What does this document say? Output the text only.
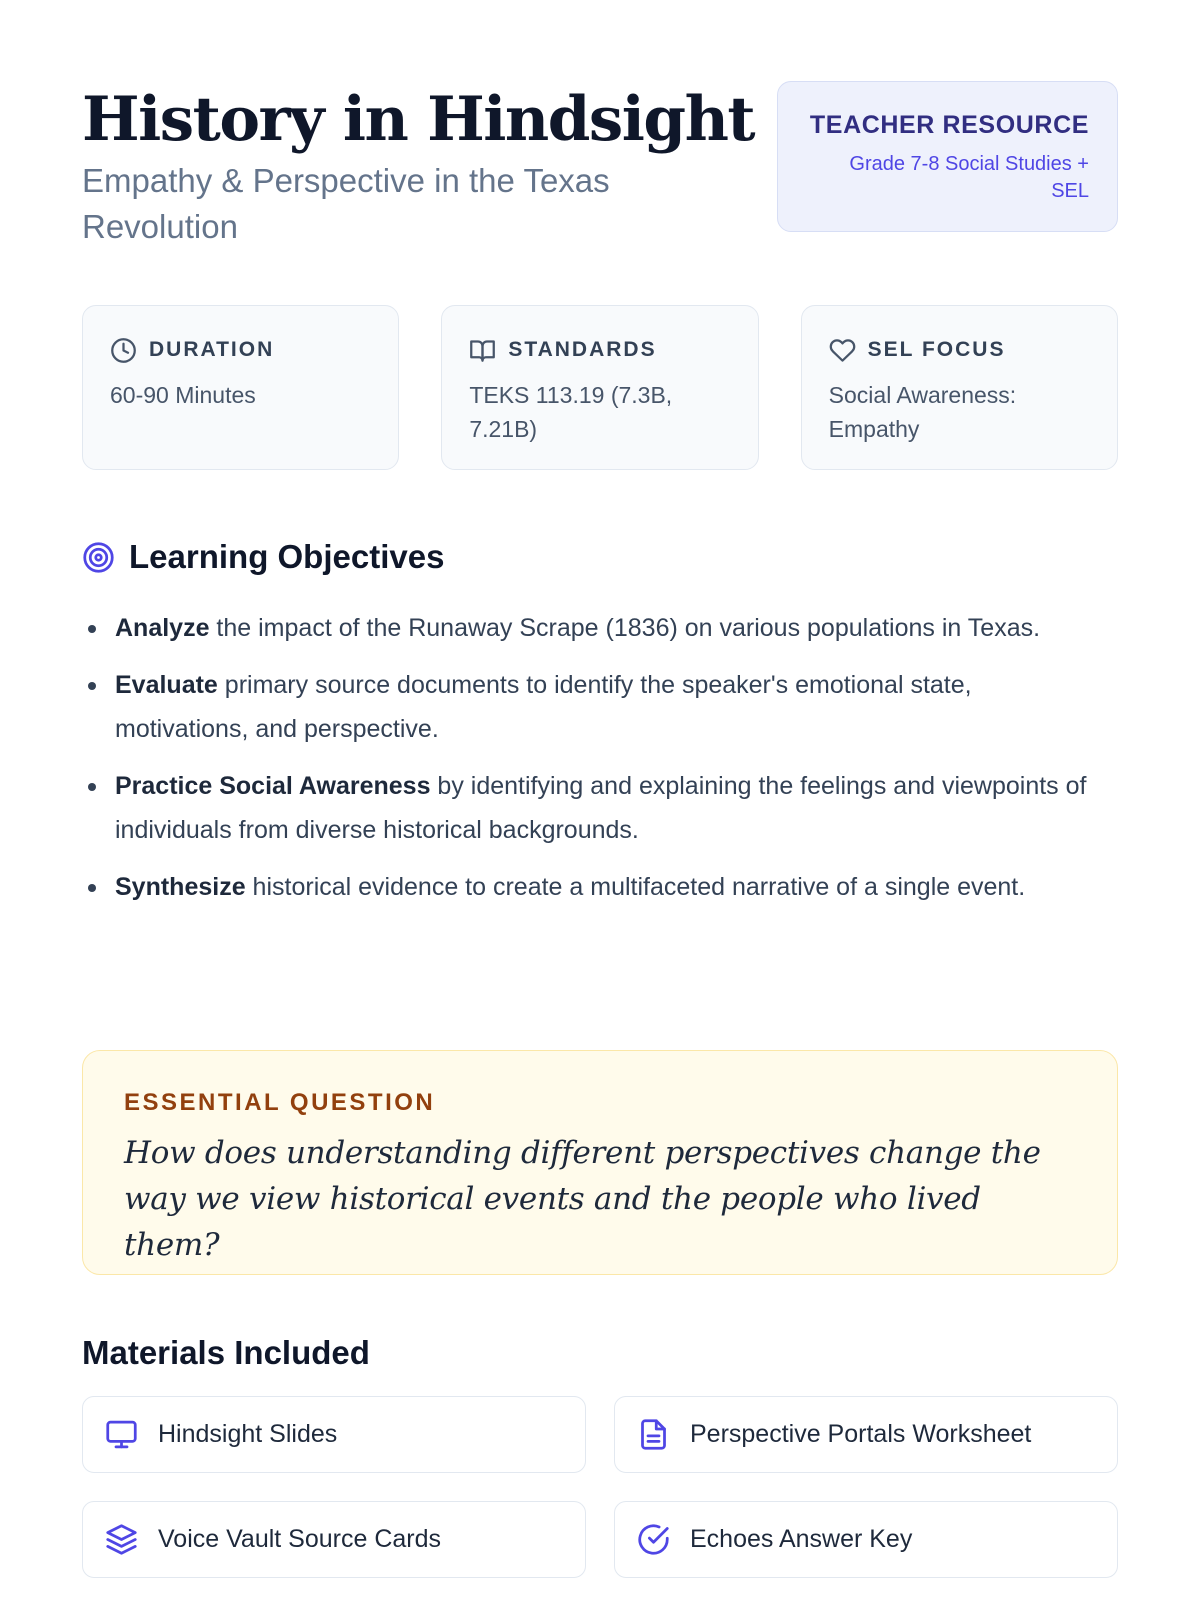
History in Hindsight
Empathy & Perspective in the Texas Revolution
TEACHER RESOURCE
Grade 7-8 Social Studies + SEL
DURATION
60-90 Minutes
STANDARDS
TEKS 113.19 (7.3B, 7.21B)
SEL FOCUS
Social Awareness: Empathy
Learning Objectives
Analyze the impact of the Runaway Scrape (1836) on various populations in Texas.
Evaluate primary source documents to identify the speaker's emotional state, motivations, and perspective.
Practice Social Awareness by identifying and explaining the feelings and viewpoints of individuals from diverse historical backgrounds.
Synthesize historical evidence to create a multifaceted narrative of a single event.
ESSENTIAL QUESTION
How does understanding different perspectives change the way we view historical events and the people who lived them?
Materials Included
Hindsight Slides	Perspective Portals Worksheet
Voice Vault Source Cards	Echoes Answer Key
